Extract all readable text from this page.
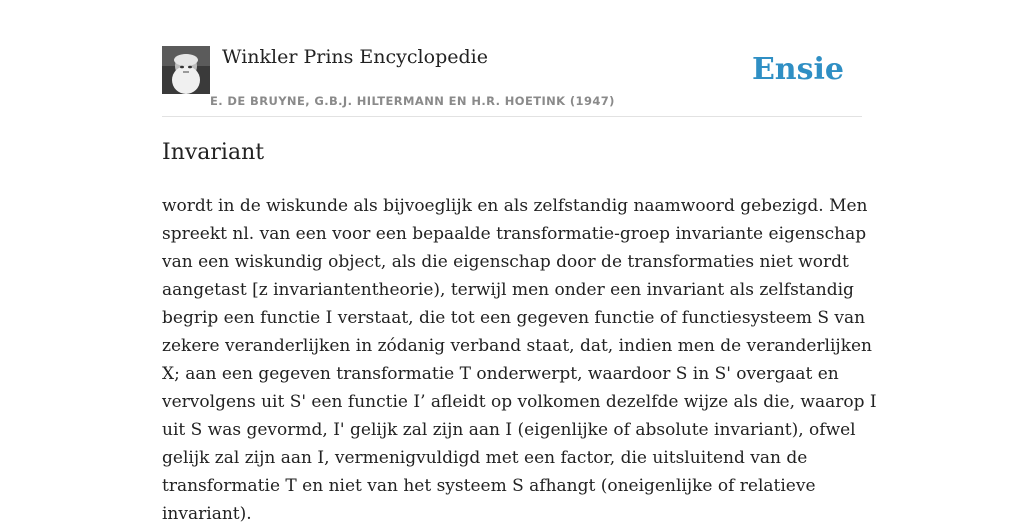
Winkler Prins Encyclopedie
E. DE BRUYNE, G.B.J. HILTERMANN EN H.R. HOETINK (1947)
Ensie
Invariant

wordt in de wiskunde als bijvoeglijk en als zelfstandig naamwoord gebezigd. Men
spreekt nl. van een voor een bepaalde transformatie-groep invariante eigenschap
van een wiskundig object, als die eigenschap door de transformaties niet wordt
aangetast [z invariantentheorie), terwijl men onder een invariant als zelfstandig
begrip een functie I verstaat, die tot een gegeven functie of functiesysteem S van
zekere veranderlijken in zódanig verband staat, dat, indien men de veranderlijken
X; aan een gegeven transformatie T onderwerpt, waardoor S in S' overgaat en
vervolgens uit S' een functie I’ afleidt op volkomen dezelfde wijze als die, waarop I
uit S was gevormd, I' gelijk zal zijn aan I (eigenlijke of absolute invariant), ofwel
gelijk zal zijn aan I, vermenigvuldigd met een factor, die uitsluitend van de
transformatie T en niet van het systeem S afhangt (oneigenlijke of relatieve
invariant).
